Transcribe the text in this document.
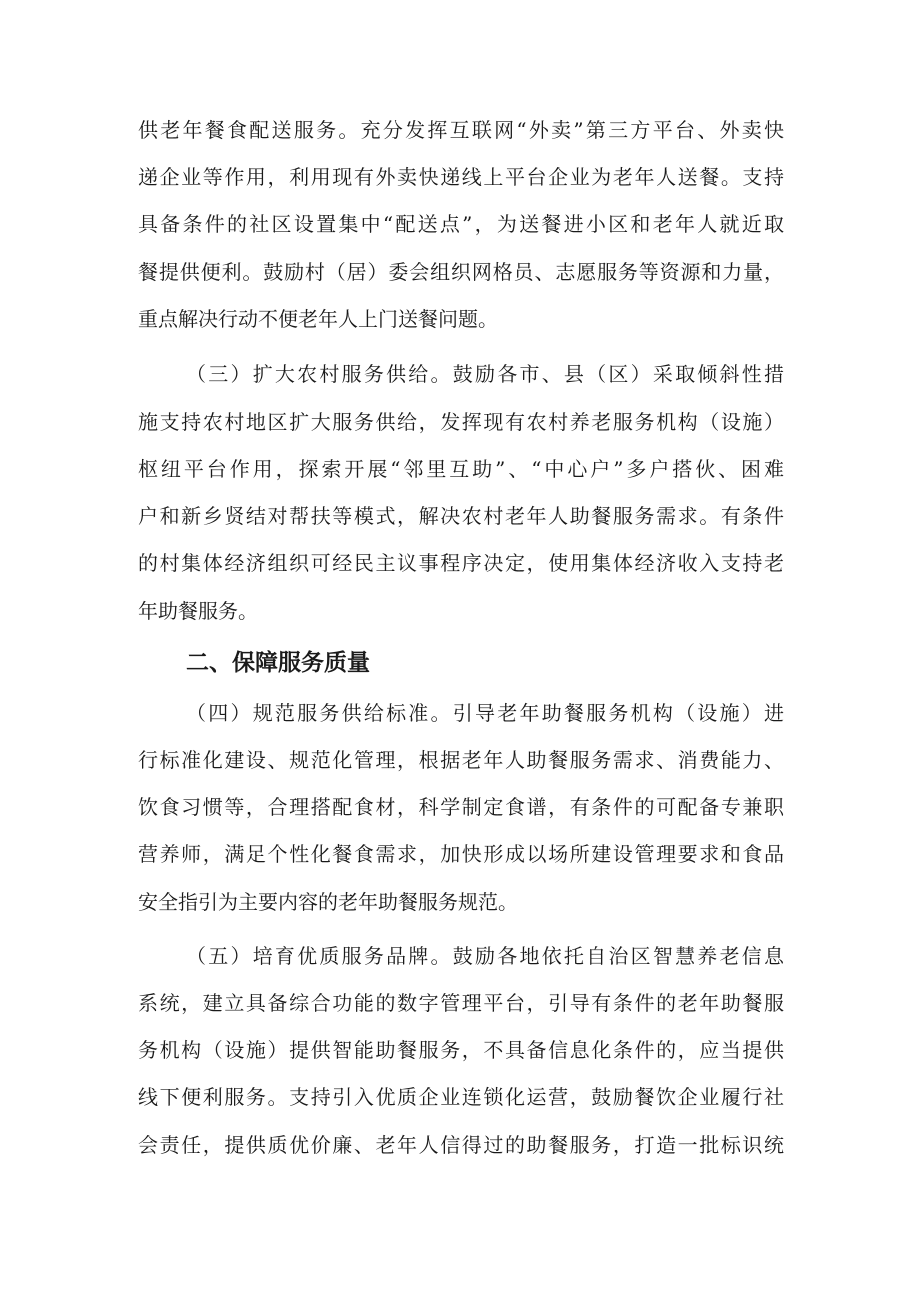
供老年餐食配送服务。充分发挥互联网“外卖”第三方平台、外卖快
递企业等作用，利用现有外卖快递线上平台企业为老年人送餐。支持
具备条件的社区设置集中“配送点”，为送餐进小区和老年人就近取
餐提供便利。鼓励村（居）委会组织网格员、志愿服务等资源和力量，
重点解决行动不便老年人上门送餐问题。
（三）扩大农村服务供给。鼓励各市、县（区）采取倾斜性措
施支持农村地区扩大服务供给，发挥现有农村养老服务机构（设施）
枢纽平台作用，探索开展“邻里互助”、“中心户”多户搭伙、困难
户和新乡贤结对帮扶等模式，解决农村老年人助餐服务需求。有条件
的村集体经济组织可经民主议事程序决定，使用集体经济收入支持老
年助餐服务。
二、保障服务质量
（四）规范服务供给标准。引导老年助餐服务机构（设施）进
行标准化建设、规范化管理，根据老年人助餐服务需求、消费能力、
饮食习惯等，合理搭配食材，科学制定食谱，有条件的可配备专兼职
营养师，满足个性化餐食需求，加快形成以场所建设管理要求和食品
安全指引为主要内容的老年助餐服务规范。
（五）培育优质服务品牌。鼓励各地依托自治区智慧养老信息
系统，建立具备综合功能的数字管理平台，引导有条件的老年助餐服
务机构（设施）提供智能助餐服务，不具备信息化条件的，应当提供
线下便利服务。支持引入优质企业连锁化运营，鼓励餐饮企业履行社
会责任，提供质优价廉、老年人信得过的助餐服务，打造一批标识统
